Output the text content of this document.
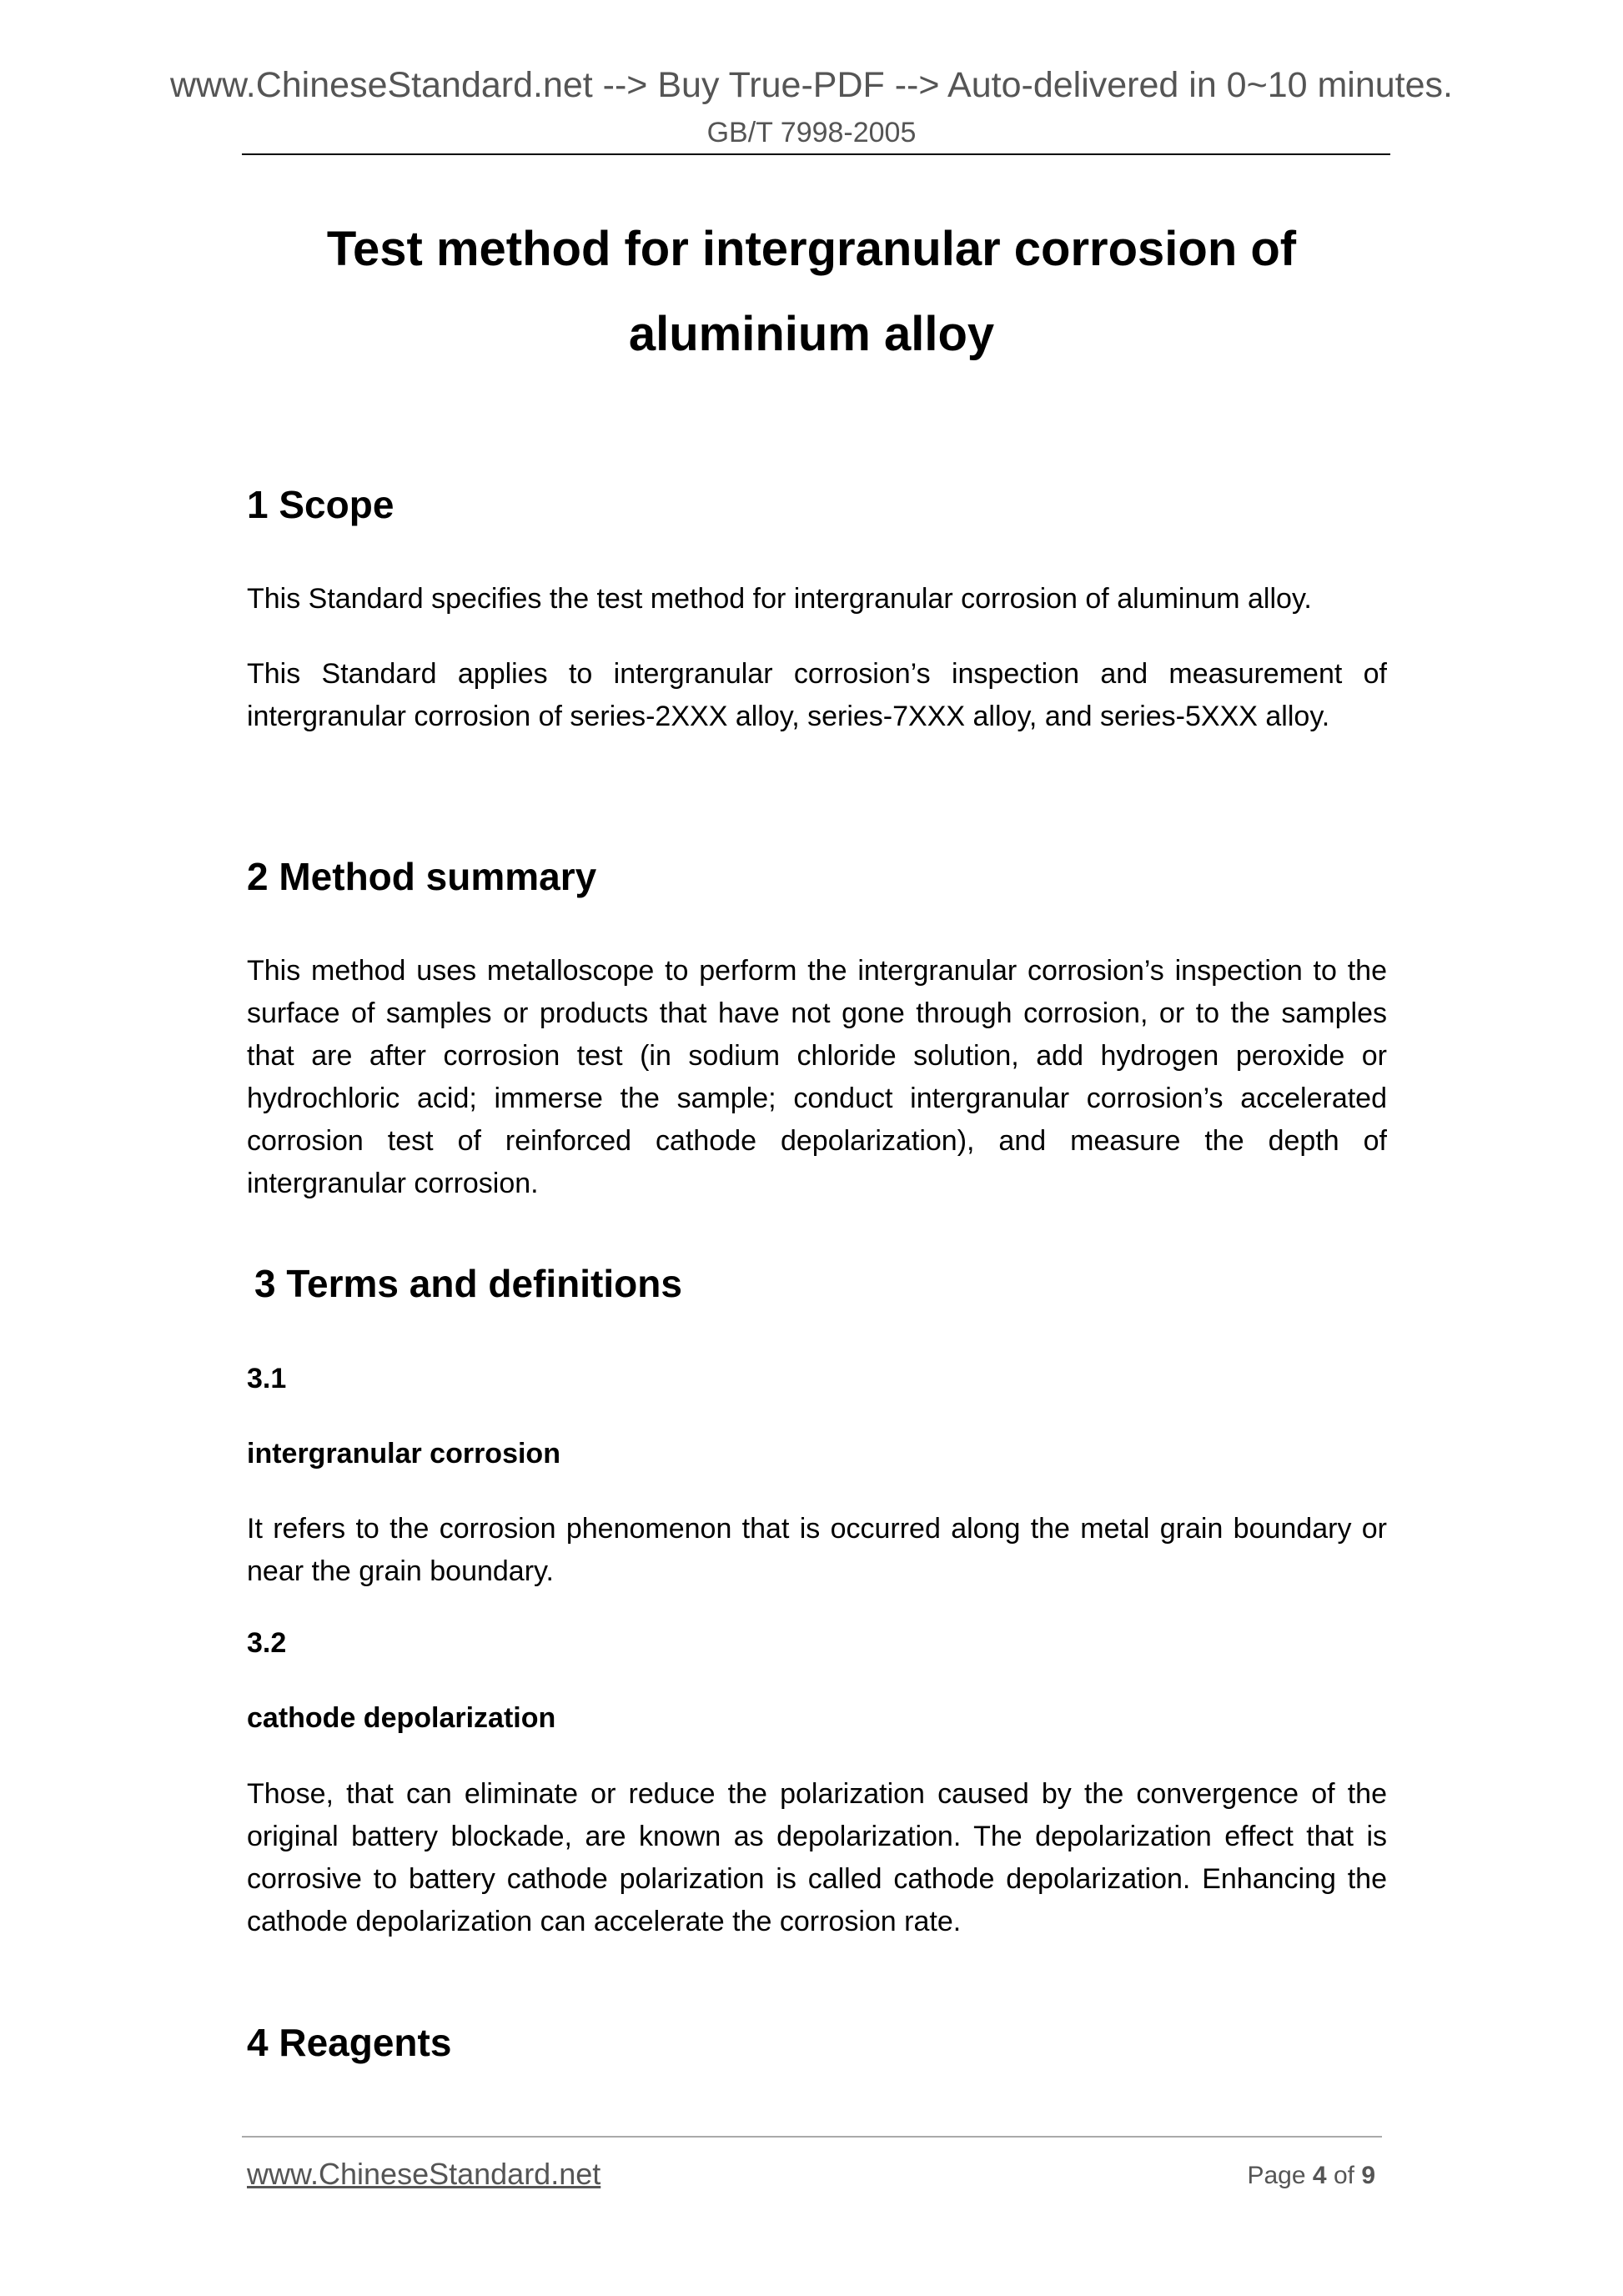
www.ChineseStandard.net --> Buy True-PDF --> Auto-delivered in 0~10 minutes.

GB/T 7998-2005

Test method for intergranular corrosion of
aluminium alloy
1 Scope

This Standard specifies the test method for intergranular corrosion of aluminum alloy.

This Standard applies to intergranular corrosion’s inspection and measurement of intergranular corrosion of series-2XXX alloy, series-7XXX alloy, and series-5XXX alloy.

2 Method summary

This method uses metalloscope to perform the intergranular corrosion’s inspection to the surface of samples or products that have not gone through corrosion, or to the samples that are after corrosion test (in sodium chloride solution, add hydrogen peroxide or hydrochloric acid; immerse the sample; conduct intergranular corrosion’s accelerated corrosion test of reinforced cathode depolarization), and measure the depth of intergranular corrosion.

3 Terms and definitions

3.1

intergranular corrosion

It refers to the corrosion phenomenon that is occurred along the metal grain boundary or near the grain boundary.

3.2

cathode depolarization

Those, that can eliminate or reduce the polarization caused by the convergence of the original battery blockade, are known as depolarization. The depolarization effect that is corrosive to battery cathode polarization is called cathode depolarization. Enhancing the cathode depolarization can accelerate the corrosion rate.

4 Reagents

www.ChineseStandard.net	Page 4 of 9
